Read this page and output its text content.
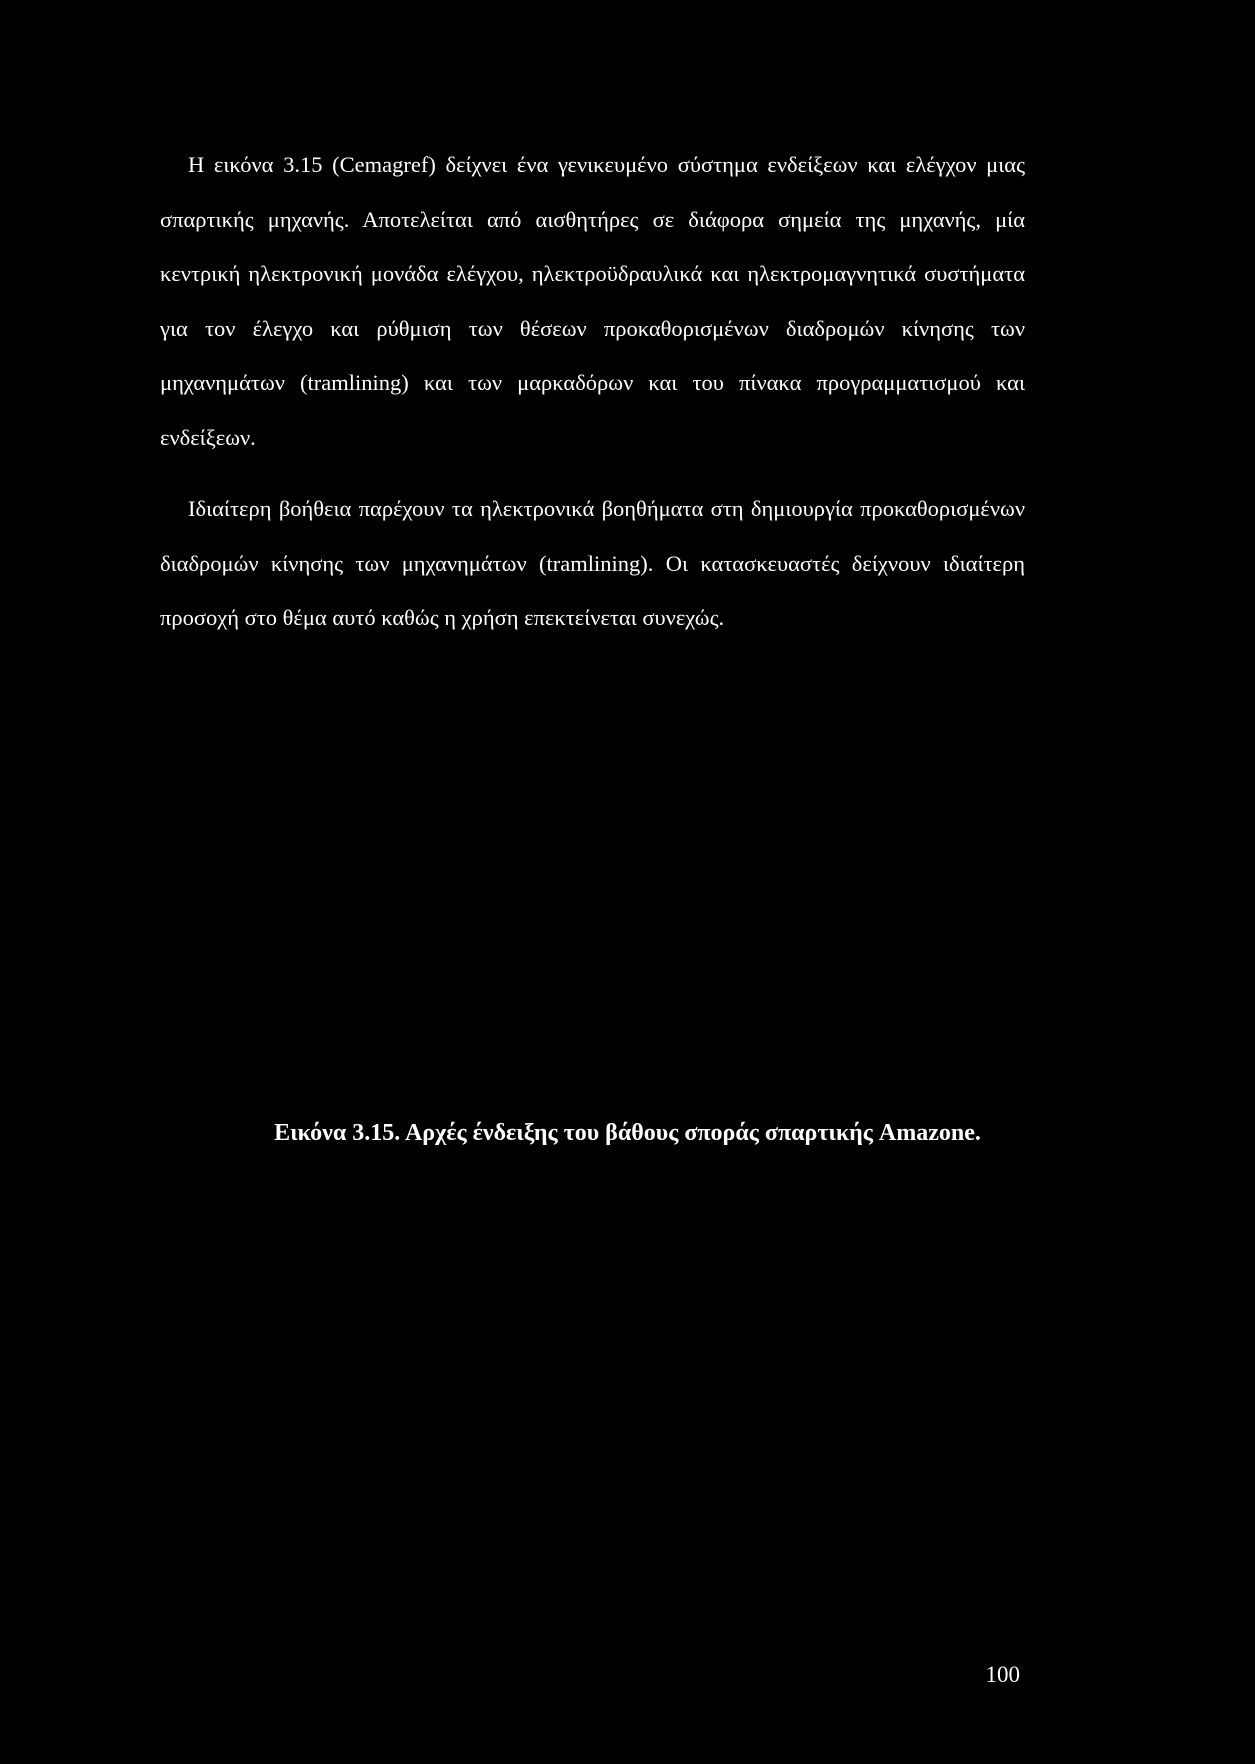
Η εικόνα 3.15 (Cemagref) δείχνει ένα γενικευμένο σύστημα ενδείξεων και ελέγχον μιας σπαρτικής μηχανής. Αποτελείται από αισθητήρες σε διάφορα σημεία της μηχανής, μία κεντρική ηλεκτρονική μονάδα ελέγχου, ηλεκτροϋδραυλικά και ηλεκτρομαγνητικά συστήματα για τον έλεγχο και ρύθμιση των θέσεων προκαθορισμένων διαδρομών κίνησης των μηχανημάτων (tramlining) και των μαρκαδόρων και του πίνακα προγραμματισμού και ενδείξεων.

Ιδιαίτερη βοήθεια παρέχουν τα ηλεκτρονικά βοηθήματα στη δημιουργία προκαθορισμένων διαδρομών κίνησης των μηχανημάτων (tramlining). Οι κατασκευαστές δείχνουν ιδιαίτερη προσοχή στο θέμα αυτό καθώς η χρήση επεκτείνεται συνεχώς.

Εικόνα 3.15. Αρχές ένδειξης του βάθους σποράς σπαρτικής Amazone.
100
